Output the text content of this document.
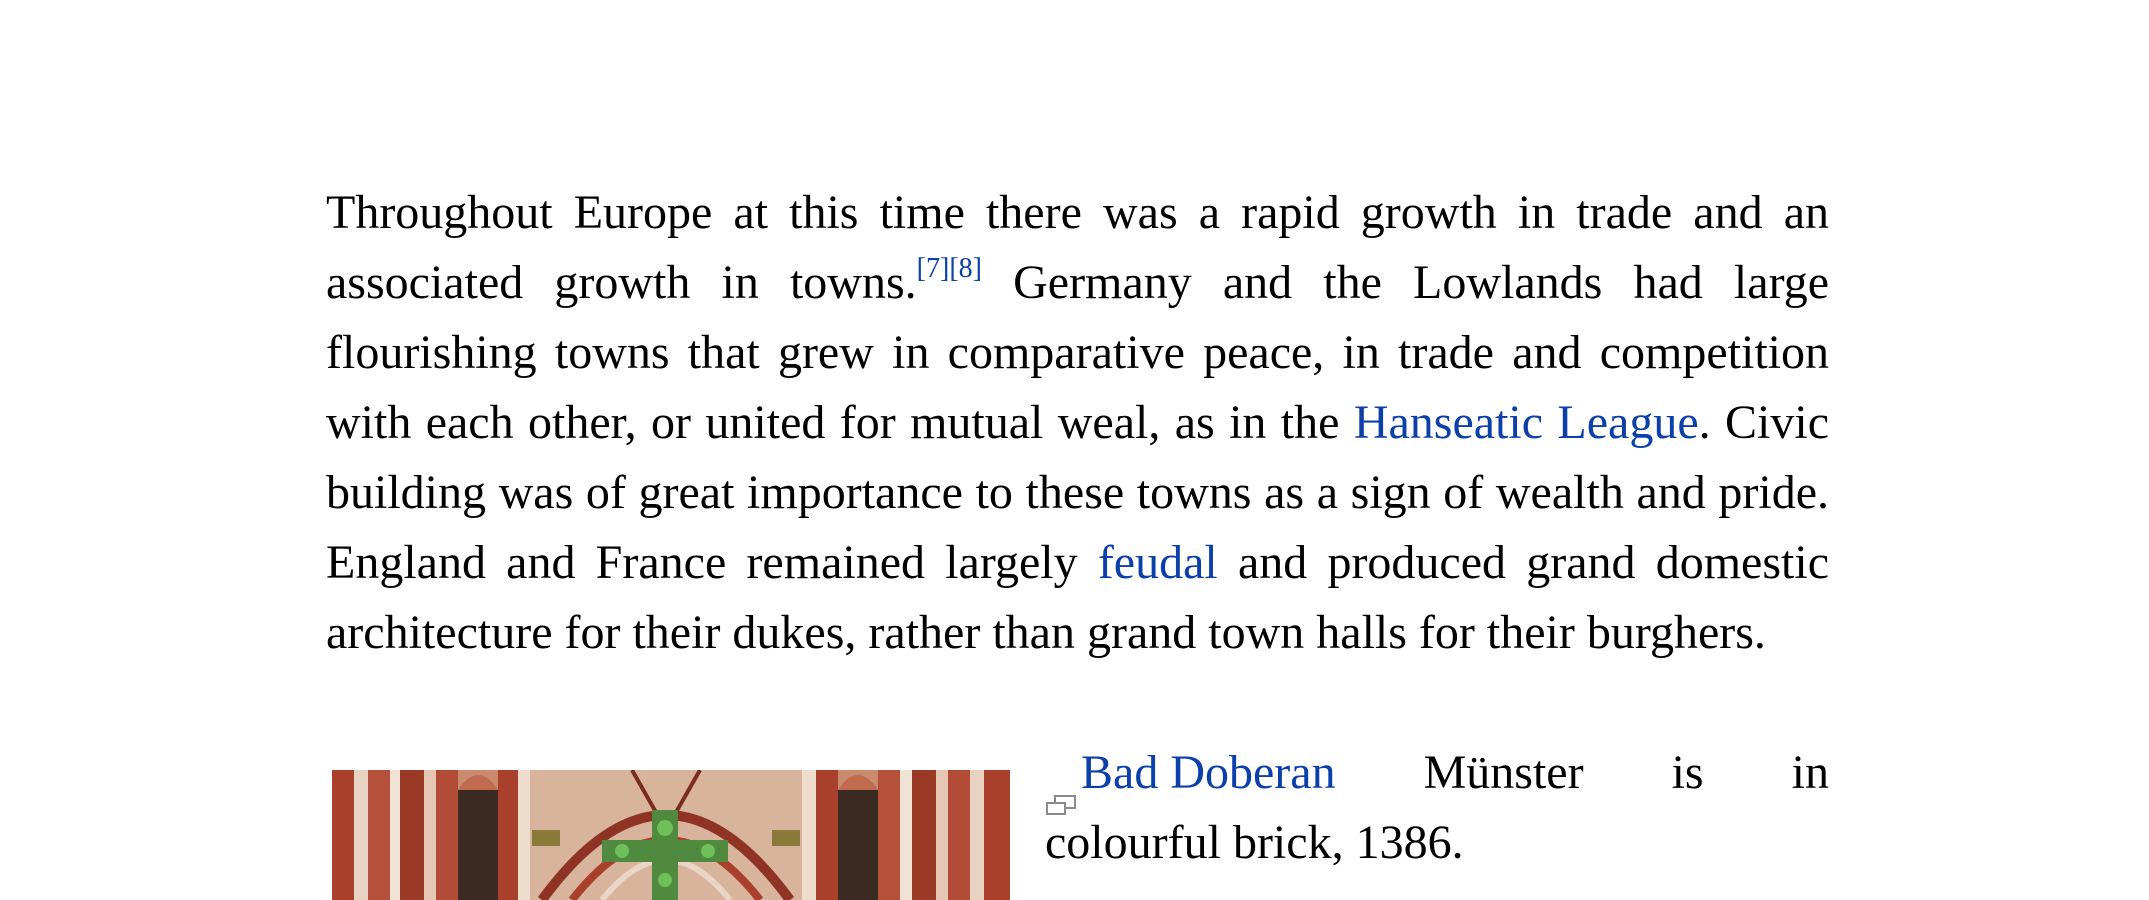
Throughout Europe at this time there was a rapid growth in trade and an associated growth in towns.[7][8] Germany and the Lowlands had large flourishing towns that grew in comparative peace, in trade and competition with each other, or united for mutual weal, as in the Hanseatic League. Civic building was of great importance to these towns as a sign of wealth and pride. England and France remained largely feudal and produced grand domestic architecture for their dukes, rather than grand town halls for their burghers.

Bad Doberan Münster is in
colourful brick, 1386.
